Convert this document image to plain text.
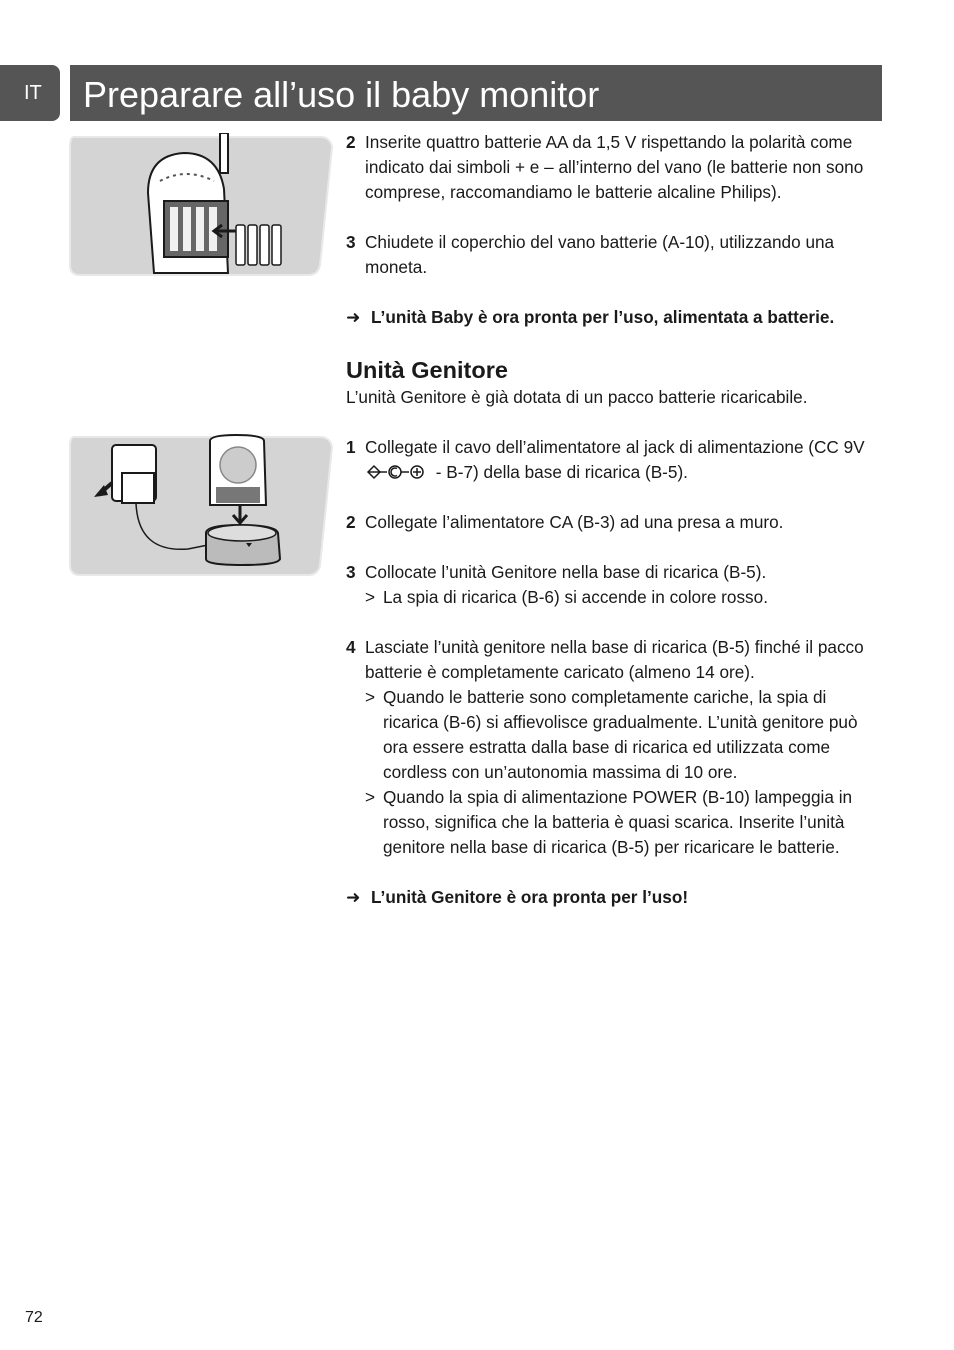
IT	Preparare all’uso il baby monitor
2 Inserite quattro batterie AA da 1,5 V rispettando la polarità come indicato dai simboli + e – all’interno del vano (le batterie non sono comprese, raccomandiamo le batterie alcaline Philips).
3 Chiudete il coperchio del vano batterie (A-10), utilizzando una moneta.
➜ L’unità Baby è ora pronta per l’uso, alimentata a batterie.
Unità Genitore
L’unità Genitore è già dotata di un pacco batterie ricaricabile.
1 Collegate il cavo dell’alimentatore al jack di alimentazione (CC 9V  - B-7) della base di ricarica (B-5).
2 Collegate l’alimentatore CA (B-3) ad una presa a muro.
3 Collocate l’unità Genitore nella base di ricarica (B-5).
> La spia di ricarica (B-6) si accende in colore rosso.
4 Lasciate l’unità genitore nella base di ricarica (B-5) finché il pacco batterie è completamente caricato (almeno 14 ore).
> Quando le batterie sono completamente cariche, la spia di ricarica (B-6) si affievolisce gradualmente. L’unità genitore può ora essere estratta dalla base di ricarica ed utilizzata come cordless con un’autonomia massima di 10 ore.
> Quando la spia di alimentazione POWER (B-10) lampeggia in rosso, significa che la batteria è quasi scarica. Inserite l’unità genitore nella base di ricarica (B-5) per ricaricare le batterie.
➜ L’unità Genitore è ora pronta per l’uso!
72
